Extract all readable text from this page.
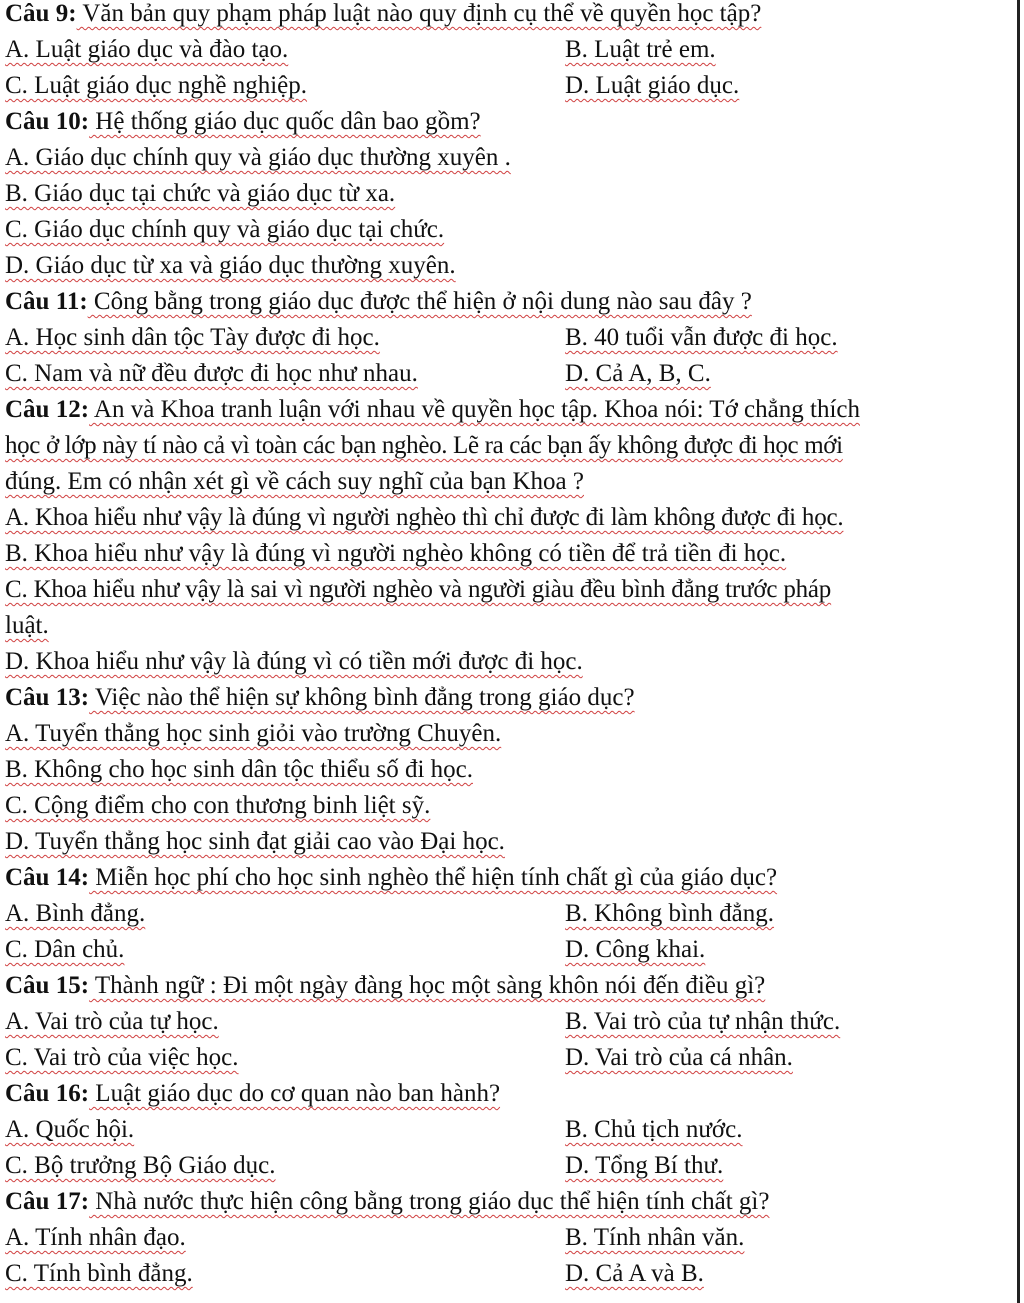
Câu 9: Văn bản quy phạm pháp luật nào quy định cụ thể về quyền học tập?
A. Luật giáo dục và đào tạo.	B. Luật trẻ em.
C. Luật giáo dục nghề nghiệp.	D. Luật giáo dục.
Câu 10: Hệ thống giáo dục quốc dân bao gồm?
A. Giáo dục chính quy và giáo dục thường xuyên .
B. Giáo dục tại chức và giáo dục từ xa.
C. Giáo dục chính quy và giáo dục tại chức.
D. Giáo dục từ xa và giáo dục thường xuyên.
Câu 11: Công bằng trong giáo dục được thể hiện ở nội dung nào sau đây ?
A. Học sinh dân tộc Tày được đi học.	B. 40 tuổi vẫn được đi học.
C. Nam và nữ đều được đi học như nhau.	D. Cả A, B, C.
Câu 12: An và Khoa tranh luận với nhau về quyền học tập. Khoa nói: Tớ chẳng thích
học ở lớp này tí nào cả vì toàn các bạn nghèo. Lẽ ra các bạn ấy không được đi học mới
đúng. Em có nhận xét gì về cách suy nghĩ của bạn Khoa ?
A. Khoa hiểu như vậy là đúng vì người nghèo thì chỉ được đi làm không được đi học.
B. Khoa hiểu như vậy là đúng vì người nghèo không có tiền để trả tiền đi học.
C. Khoa hiểu như vậy là sai vì người nghèo và người giàu đều bình đẳng trước pháp
luật.
D. Khoa hiểu như vậy là đúng vì có tiền mới được đi học.
Câu 13: Việc nào thể hiện sự không bình đẳng trong giáo dục?
A. Tuyển thẳng học sinh giỏi vào trường Chuyên.
B. Không cho học sinh dân tộc thiểu số đi học.
C. Cộng điểm cho con thương binh liệt sỹ.
D. Tuyển thẳng học sinh đạt giải cao vào Đại học.
Câu 14: Miễn học phí cho học sinh nghèo thể hiện tính chất gì của giáo dục?
A. Bình đẳng.	B. Không bình đẳng.
C. Dân chủ.	D. Công khai.
Câu 15: Thành ngữ : Đi một ngày đàng học một sàng khôn nói đến điều gì?
A. Vai trò của tự học.	B. Vai trò của tự nhận thức.
C. Vai trò của việc học.	D. Vai trò của cá nhân.
Câu 16: Luật giáo dục do cơ quan nào ban hành?
A. Quốc hội.	B. Chủ tịch nước.
C. Bộ trưởng Bộ Giáo dục.	D. Tổng Bí thư.
Câu 17: Nhà nước thực hiện công bằng trong giáo dục thể hiện tính chất gì?
A. Tính nhân đạo.	B. Tính nhân văn.
C. Tính bình đẳng.	D. Cả A và B.
